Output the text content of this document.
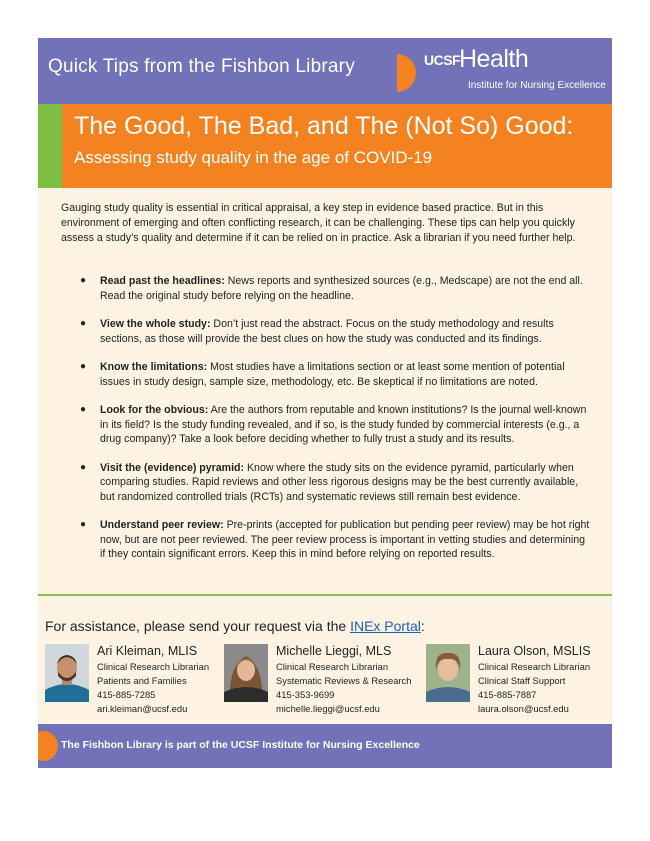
Quick Tips from the Fishbon Library	UCSF
Health
Institute for Nursing Excellence
The Good, The Bad, and The (Not So) Good:
Assessing study quality in the age of COVID-19

Gauging study quality is essential in critical appraisal, a key step in evidence based practice. But in this environment of emerging and often conflicting research, it can be challenging. These tips can help you quickly assess a study’s quality and determine if it can be relied on in practice. Ask a librarian if you need further help.

● Read past the headlines: News reports and synthesized sources (e.g., Medscape) are not the end all. Read the original study before relying on the headline.
● View the whole study: Don’t just read the abstract. Focus on the study methodology and results sections, as those will provide the best clues on how the study was conducted and its findings.
● Know the limitations: Most studies have a limitations section or at least some mention of potential issues in study design, sample size, methodology, etc. Be skeptical if no limitations are noted.
● Look for the obvious: Are the authors from reputable and known institutions? Is the journal well-known in its field? Is the study funding revealed, and if so, is the study funded by commercial interests (e.g., a drug company)? Take a look before deciding whether to fully trust a study and its results.
● Visit the (evidence) pyramid: Know where the study sits on the evidence pyramid, particularly when comparing studies. Rapid reviews and other less rigorous designs may be the best currently available, but randomized controlled trials (RCTs) and systematic reviews still remain best evidence.
● Understand peer review: Pre-prints (accepted for publication but pending peer review) may be hot right now, but are not peer reviewed. The peer review process is important in vetting studies and determining if they contain significant errors. Keep this in mind before relying on reported results.
For assistance, please send your request via the INEx Portal:
Ari Kleiman, MLIS
Clinical Research Librarian
Patients and Families
415-885-7285
ari.kleiman@ucsf.edu
Michelle Lieggi, MLS
Clinical Research Librarian
Systematic Reviews & Research
415-353-9699
michelle.lieggi@ucsf.edu
Laura Olson, MSLIS
Clinical Research Librarian
Clinical Staff Support
415-885-7887
laura.olson@ucsf.edu
The Fishbon Library is part of the UCSF Institute for Nursing Excellence
